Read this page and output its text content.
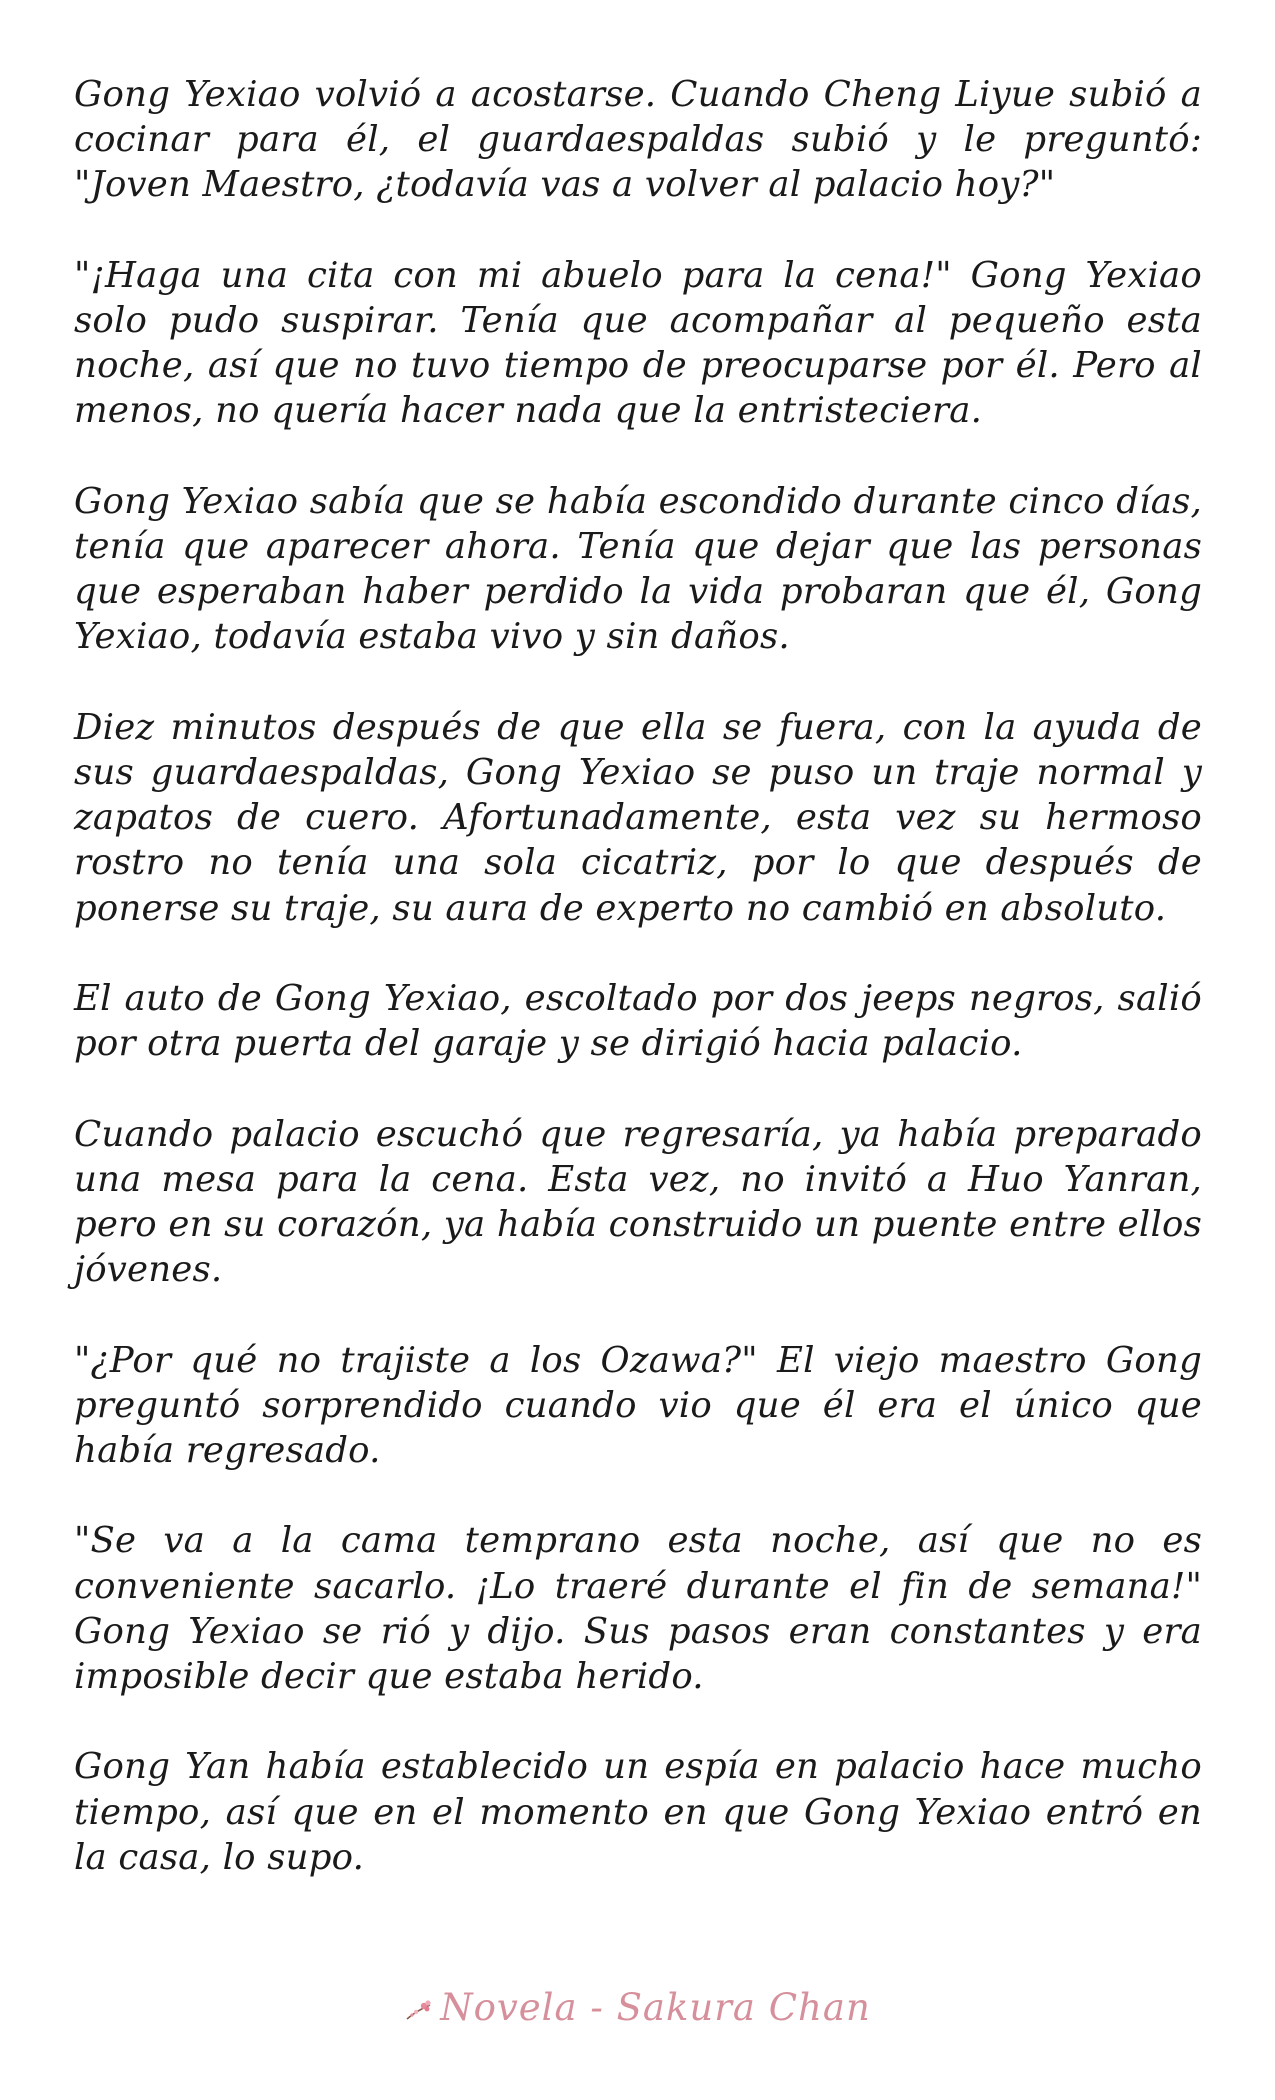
Gong Yexiao volvió a acostarse. Cuando Cheng Liyue subió a cocinar para él, el guardaespaldas subió y le preguntó: "Joven Maestro, ¿todavía vas a volver al palacio hoy?"

"¡Haga una cita con mi abuelo para la cena!" Gong Yexiao solo pudo suspirar. Tenía que acompañar al pequeño esta noche, así que no tuvo tiempo de preocuparse por él. Pero al menos, no quería hacer nada que la entristeciera.

Gong Yexiao sabía que se había escondido durante cinco días, tenía que aparecer ahora. Tenía que dejar que las personas que esperaban haber perdido la vida probaran que él, Gong Yexiao, todavía estaba vivo y sin daños.

Diez minutos después de que ella se fuera, con la ayuda de sus guardaespaldas, Gong Yexiao se puso un traje normal y zapatos de cuero. Afortunadamente, esta vez su hermoso rostro no tenía una sola cicatriz, por lo que después de ponerse su traje, su aura de experto no cambió en absoluto.

El auto de Gong Yexiao, escoltado por dos jeeps negros, salió por otra puerta del garaje y se dirigió hacia palacio.

Cuando palacio escuchó que regresaría, ya había preparado una mesa para la cena. Esta vez, no invitó a Huo Yanran, pero en su corazón, ya había construido un puente entre ellos jóvenes.

"¿Por qué no trajiste a los Ozawa?" El viejo maestro Gong preguntó sorprendido cuando vio que él era el único que había regresado.

"Se va a la cama temprano esta noche, así que no es conveniente sacarlo. ¡Lo traeré durante el fin de semana!" Gong Yexiao se rió y dijo. Sus pasos eran constantes y era imposible decir que estaba herido.

Gong Yan había establecido un espía en palacio hace mucho tiempo, así que en el momento en que Gong Yexiao entró en la casa, lo supo.

Novela - Sakura Chan
